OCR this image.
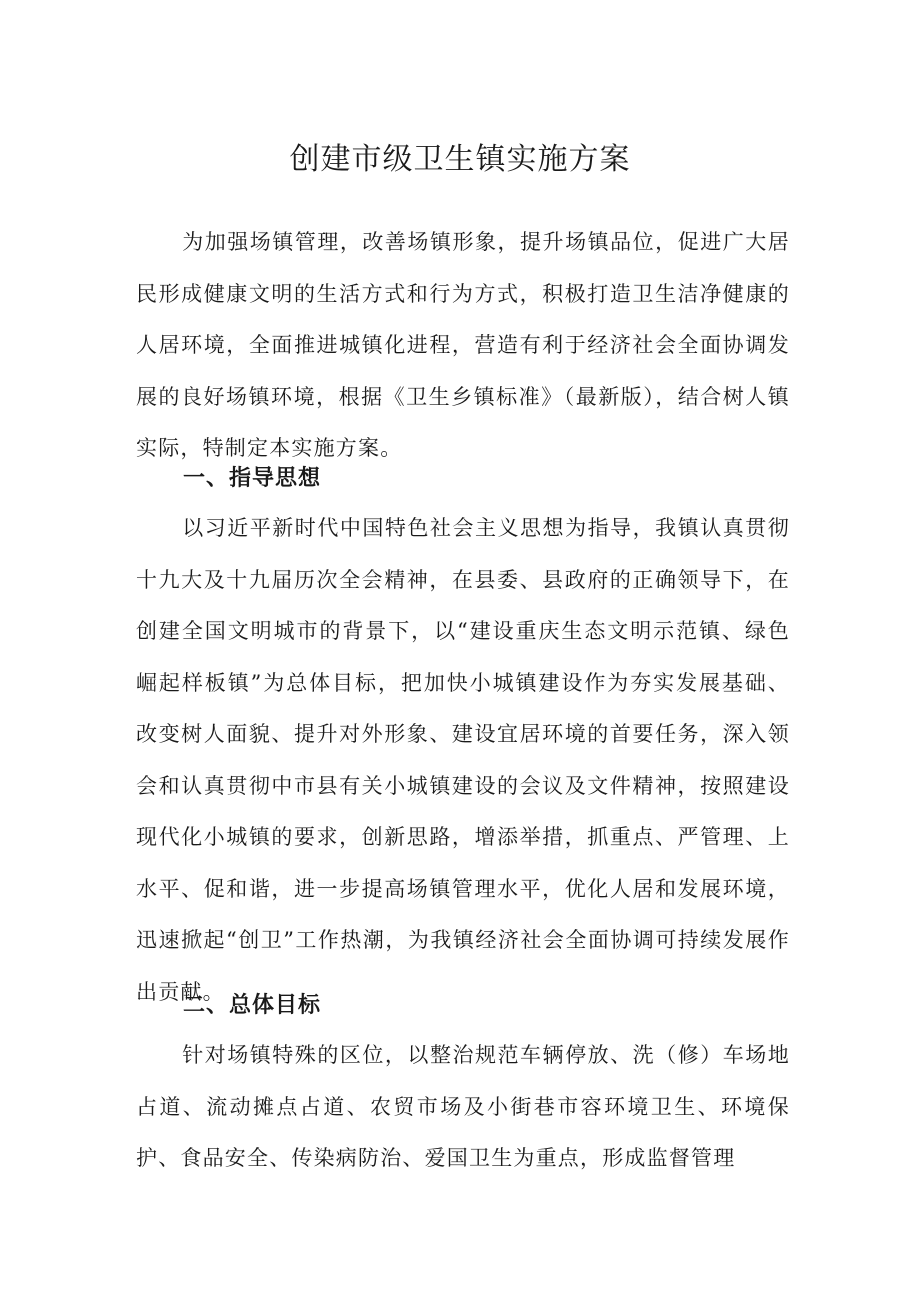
创建市级卫生镇实施方案

为加强场镇管理，改善场镇形象，提升场镇品位，促进广大居民形成健康文明的生活方式和行为方式，积极打造卫生洁净健康的人居环境，全面推进城镇化进程，营造有利于经济社会全面协调发展的良好场镇环境，根据《卫生乡镇标准》（最新版），结合树人镇实际，特制定本实施方案。

一、指导思想

以习近平新时代中国特色社会主义思想为指导，我镇认真贯彻十九大及十九届历次全会精神，在县委、县政府的正确领导下，在创建全国文明城市的背景下，以“建设重庆生态文明示范镇、绿色崛起样板镇”为总体目标，把加快小城镇建设作为夯实发展基础、改变树人面貌、提升对外形象、建设宜居环境的首要任务，深入领会和认真贯彻中市县有关小城镇建设的会议及文件精神，按照建设现代化小城镇的要求，创新思路，增添举措，抓重点、严管理、上水平、促和谐，进一步提高场镇管理水平，优化人居和发展环境，迅速掀起“创卫”工作热潮，为我镇经济社会全面协调可持续发展作出贡献。

二、总体目标

针对场镇特殊的区位，以整治规范车辆停放、洗（修）车场地占道、流动摊点占道、农贸市场及小街巷市容环境卫生、环境保护、食品安全、传染病防治、爱国卫生为重点，形成监督管理
